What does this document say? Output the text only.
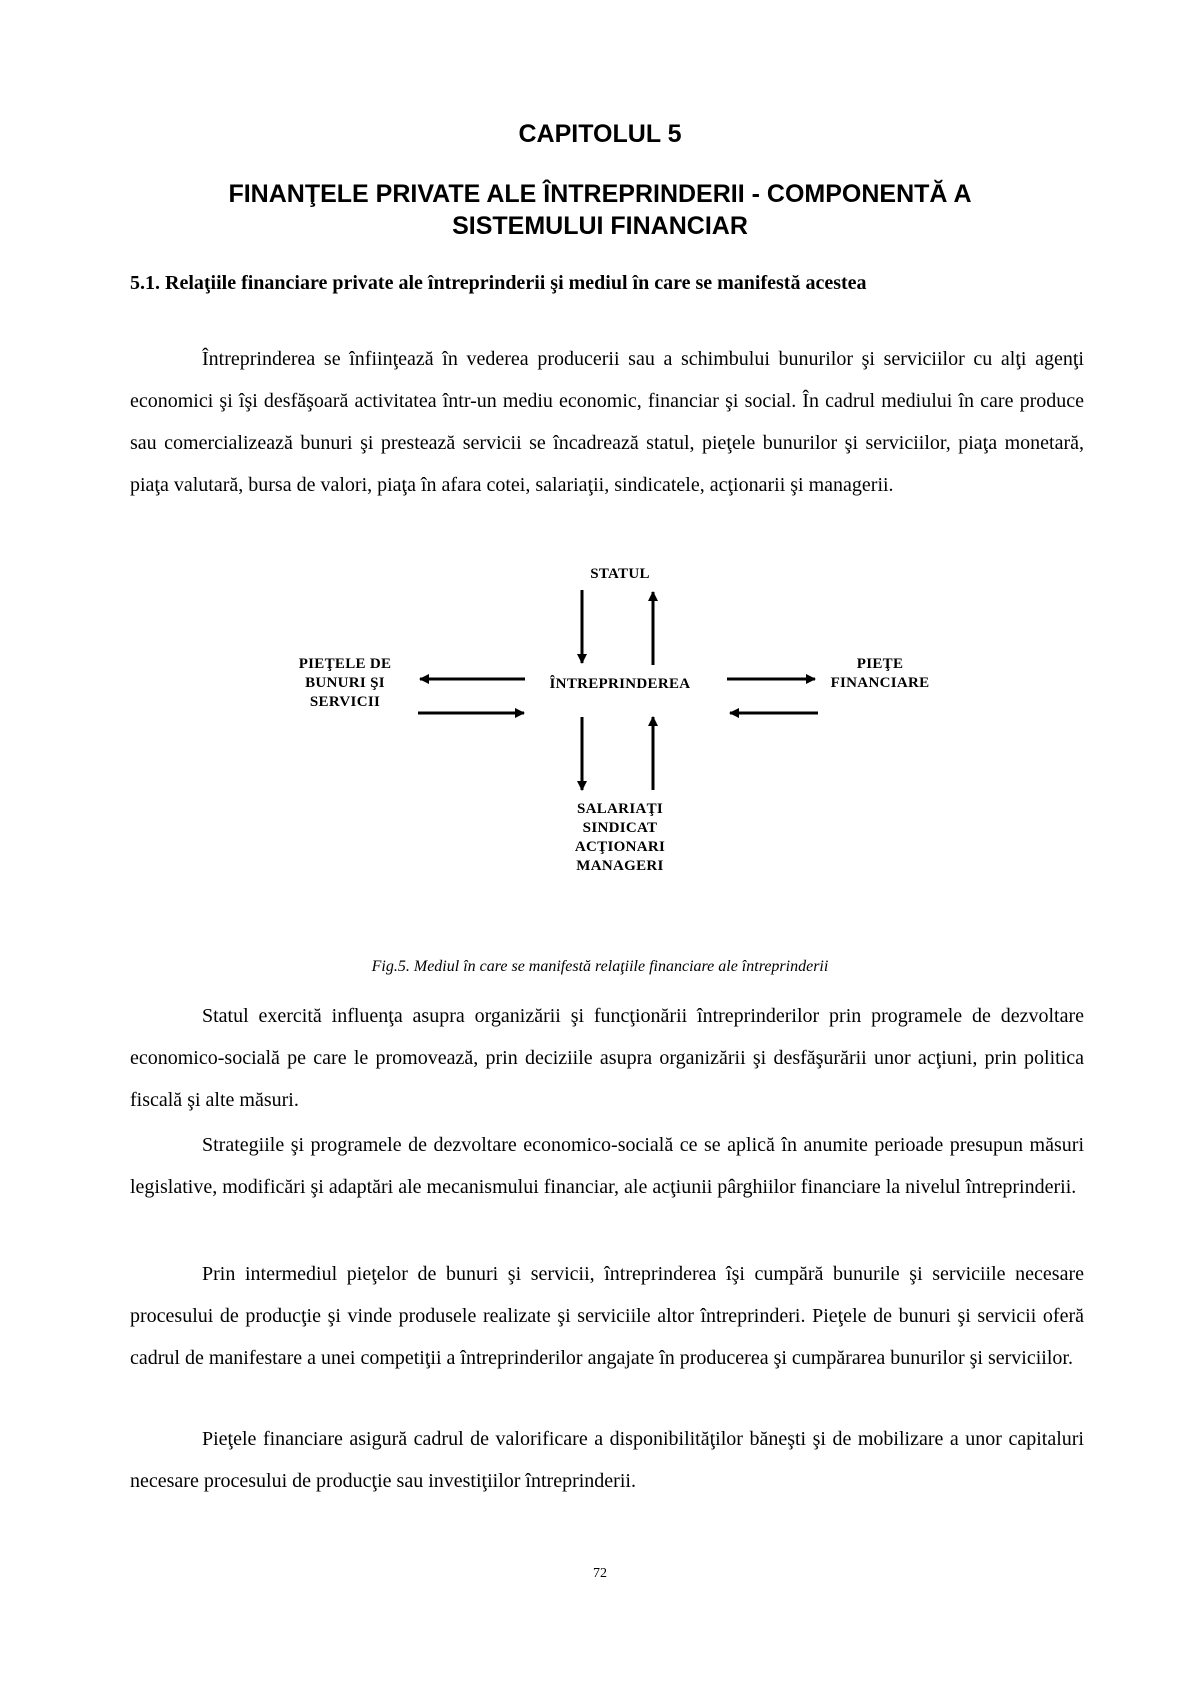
CAPITOLUL 5
FINANŢELE PRIVATE ALE ÎNTREPRINDERII - COMPONENTĂ A
SISTEMULUI FINANCIAR
5.1. Relaţiile financiare private ale întreprinderii şi mediul în care se manifestă acestea

Întreprinderea se înfiinţează în vederea producerii sau a schimbului bunurilor şi serviciilor cu alţi agenţi economici şi îşi desfăşoară activitatea într-un mediu economic, financiar şi social. În cadrul mediului în care produce sau comercializează bunuri şi prestează servicii se încadrează statul, pieţele bunurilor şi serviciilor, piaţa monetară, piaţa valutară, bursa de valori, piaţa în afara cotei, salariaţii, sindicatele, acţionarii şi managerii.

STATUL
ÎNTREPRINDEREA
PIEŢELE DE
BUNURI ŞI
SERVICII
PIEŢE
FINANCIARE
SALARIAŢI
SINDICAT
ACŢIONARI
MANAGERI
Fig.5. Mediul în care se manifestă relaţiile financiare ale întreprinderii

Statul exercită influenţa asupra organizării şi funcţionării întreprinderilor prin programele de dezvoltare economico-socială pe care le promovează, prin deciziile asupra organizării şi desfăşurării unor acţiuni, prin politica fiscală şi alte măsuri.

Strategiile şi programele de dezvoltare economico-socială ce se aplică în anumite perioade presupun măsuri legislative, modificări şi adaptări ale mecanismului financiar, ale acţiunii pârghiilor financiare la nivelul întreprinderii.

Prin intermediul pieţelor de bunuri şi servicii, întreprinderea îşi cumpără bunurile şi serviciile necesare procesului de producţie şi vinde produsele realizate şi serviciile altor întreprinderi. Pieţele de bunuri şi servicii oferă cadrul de manifestare a unei competiţii a întreprinderilor angajate în producerea şi cumpărarea bunurilor şi serviciilor.

Pieţele financiare asigură cadrul de valorificare a disponibilităţilor băneşti şi de mobilizare a unor capitaluri necesare procesului de producţie sau investiţiilor întreprinderii.

72
